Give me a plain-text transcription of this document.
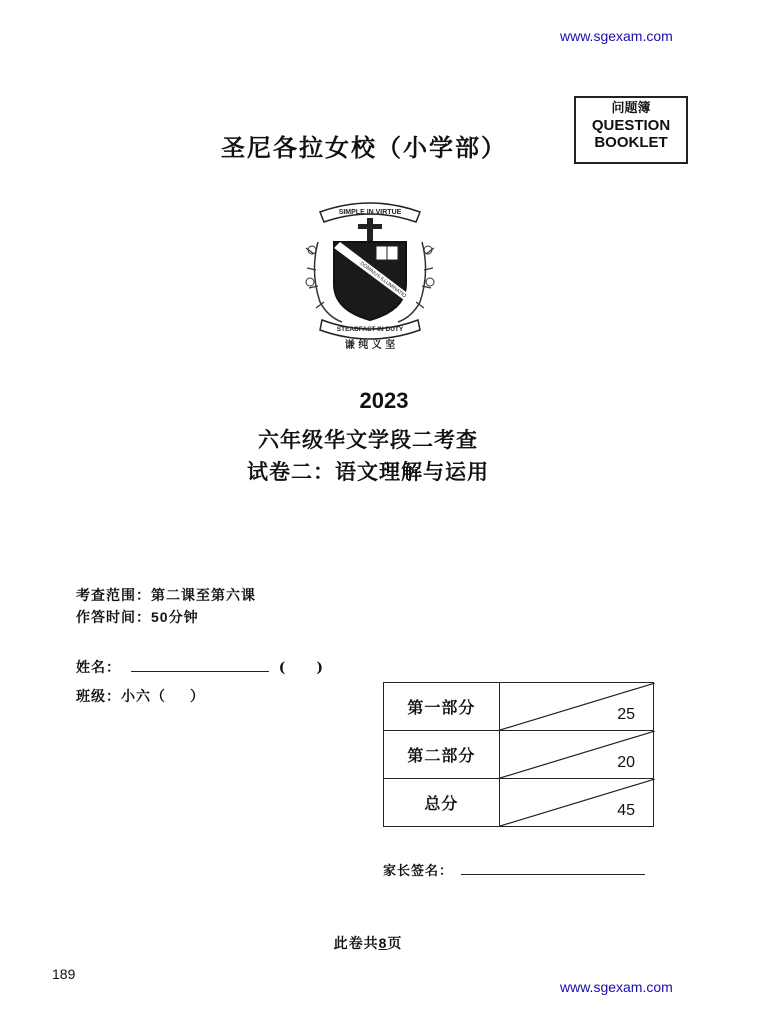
www.sgexam.com
问题簿
QUESTION
BOOKLET
圣尼各拉女校（小学部）
SIMPLE IN VIRTUE
DOMINUS ILLUMINATIO
STEADFAST IN DUTY
谦 纯 义 坚
2023
六年级华文学段二考查
试卷二：语文理解与运用
考查范围：第二课至第六课
作答时间：50分钟
姓名：	( )
班级：小六（ ）
第一部分	25

第二部分	20

总分	45
家长签名：
此卷共8页
189
www.sgexam.com
